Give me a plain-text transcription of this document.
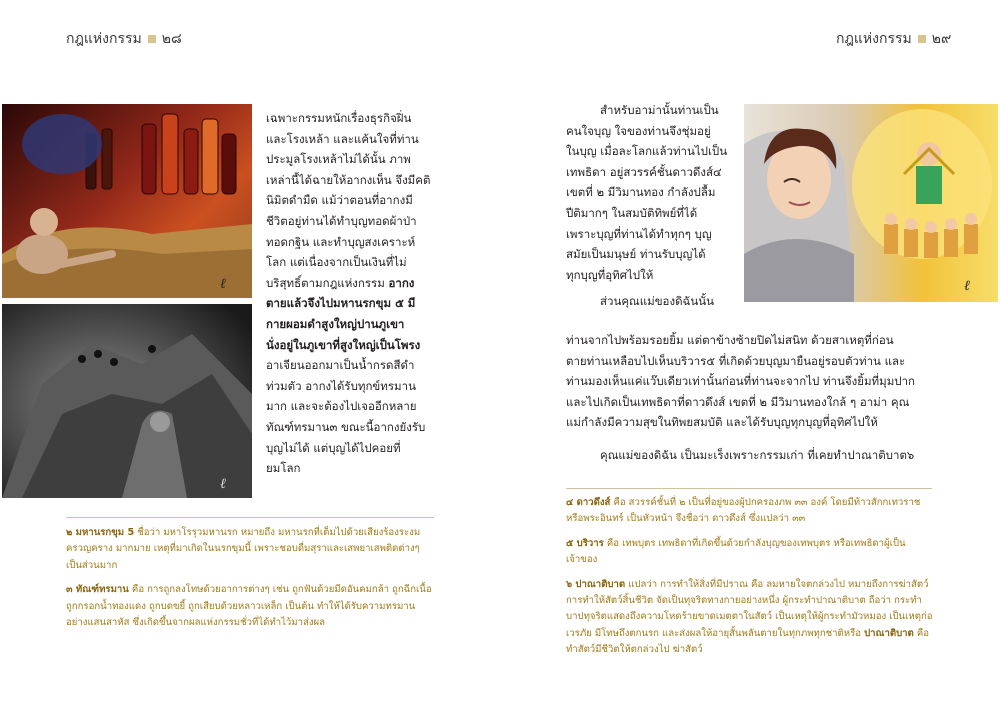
กฎแห่งกรรม ๒๘	กฎแห่งกรรม ๒๙
ℓ
ℓ

เฉพาะกรรมหนักเรื่องธุรกิจฝิ่น

และโรงเหล้า และแค้นใจที่ท่าน

ประมูลโรงเหล้าไม่ได้นั้น ภาพ

เหล่านี้ได้ฉายให้อากงเห็น จึงมีคติ

นิมิตดำมืด แม้ว่าตอนที่อากงมี

ชีวิตอยู่ท่านได้ทำบุญทอดผ้าป่า

ทอดกฐิน และทำบุญสงเคราะห์

โลก แต่เนื่องจากเป็นเงินที่ไม่

บริสุทธิ์ตามกฎแห่งกรรม อากง

ตายแล้วจึงไปมหานรกขุม ๕ มี

กายผอมดำสูงใหญ่ปานภูเขา

นั่งอยู่ในภูเขาที่สูงใหญ่เป็นโพรง

อาเจียนออกมาเป็นน้ำกรดสีดำ

ท่วมตัว อากงได้รับทุกข์ทรมาน

มาก และจะต้องไปเจออีกหลาย

ทัณฑ์ทรมาน๓ ขณะนี้อากงยังรับ

บุญไม่ได้ แต่บุญได้ไปคอยที่

ยมโลก

๒ มหานรกขุม 5 ชื่อว่า มหาโรรุวมหานรก หมายถึง มหานรกที่เต็มไปด้วยเสียงร้องระงมครวญคราง มากมาย เหตุที่มาเกิดในนรกขุมนี้ เพราะชอบดื่มสุราและเสพยาเสพติดต่างๆ เป็นส่วนมาก

๓ ทัณฑ์ทรมาน คือ การถูกลงโทษด้วยอาการต่างๆ เช่น ถูกฟันด้วยมีดอันคมกล้า ถูกฉีกเนื้อ ถูกกรอกน้ำทองแดง ถูกบดขยี้ ถูกเสียบด้วยหลาวเหล็ก เป็นต้น ทำให้ได้รับความทรมานอย่างแสนสาหัส ซึ่งเกิดขึ้นจากผลแห่งกรรมชั่วที่ได้ทำไว้มาส่งผล

ℓ

สำหรับอาม่านั้นท่านเป็น

คนใจบุญ ใจของท่านจึงชุ่มอยู่

ในบุญ เมื่อละโลกแล้วท่านไปเป็น

เทพธิดา อยู่สวรรค์ชั้นดาวดึงส์๔

เขตที่ ๒ มีวิมานทอง กำลังปลื้ม

ปีติมากๆ ในสมบัติทิพย์ที่ได้

เพราะบุญที่ท่านได้ทำทุกๆ บุญ

สมัยเป็นมนุษย์ ท่านรับบุญได้

ทุกบุญที่อุทิศไปให้

ส่วนคุณแม่ของดิฉันนั้น

ท่านจากไปพร้อมรอยยิ้ม แต่ตาข้างซ้ายปิดไม่สนิท ด้วยสาเหตุที่ก่อน

ตายท่านเหลือบไปเห็นบริวาร๕ ที่เกิดด้วยบุญมายืนอยู่รอบตัวท่าน และ

ท่านมองเห็นแค่แว๊บเดียวเท่านั้นก่อนที่ท่านจะจากไป ท่านจึงยิ้มที่มุมปาก

และไปเกิดเป็นเทพธิดาที่ดาวดึงส์ เขตที่ ๒ มีวิมานทองใกล้ ๆ อาม่า คุณ

แม่กำลังมีความสุขในทิพยสมบัติ และได้รับบุญทุกบุญที่อุทิศไปให้

คุณแม่ของดิฉัน เป็นมะเร็งเพราะกรรมเก่า ที่เคยทำปาณาติบาต๖

๔ ดาวดึงส์ คือ สวรรค์ชั้นที่ ๒ เป็นที่อยู่ของผู้ปกครองภพ ๓๓ องค์ โดยมีท้าวสักกเทวราช หรือพระอินทร์ เป็นหัวหน้า จึงชื่อว่า ดาวดึงส์ ซึ่งแปลว่า ๓๓

๕ บริวาร คือ เทพบุตร เทพธิดาที่เกิดขึ้นด้วยกำลังบุญของเทพบุตร หรือเทพธิดาผู้เป็นเจ้าของ

๖ ปาณาติบาต แปลว่า การทำให้สิ่งที่มีปราณ คือ ลมหายใจตกล่วงไป หมายถึงการฆ่าสัตว์ การทำให้สัตว์สิ้นชีวิต จัดเป็นทุจริตทางกายอย่างหนึ่ง ผู้กระทำปาณาติบาต ถือว่า กระทำบาปทุจริตแสดงถึงความโหดร้ายขาดเมตตาในสัตว์ เป็นเหตุให้ผู้กระทำมัวหมอง เป็นเหตุก่อเวรภัย มีโทษถึงตกนรก และส่งผลให้อายุสั้นพลันตายในทุกภพทุกชาติหรือ ปาณาติบาต คือ ทำสัตว์มีชีวิตให้ตกล่วงไป ฆ่าสัตว์
